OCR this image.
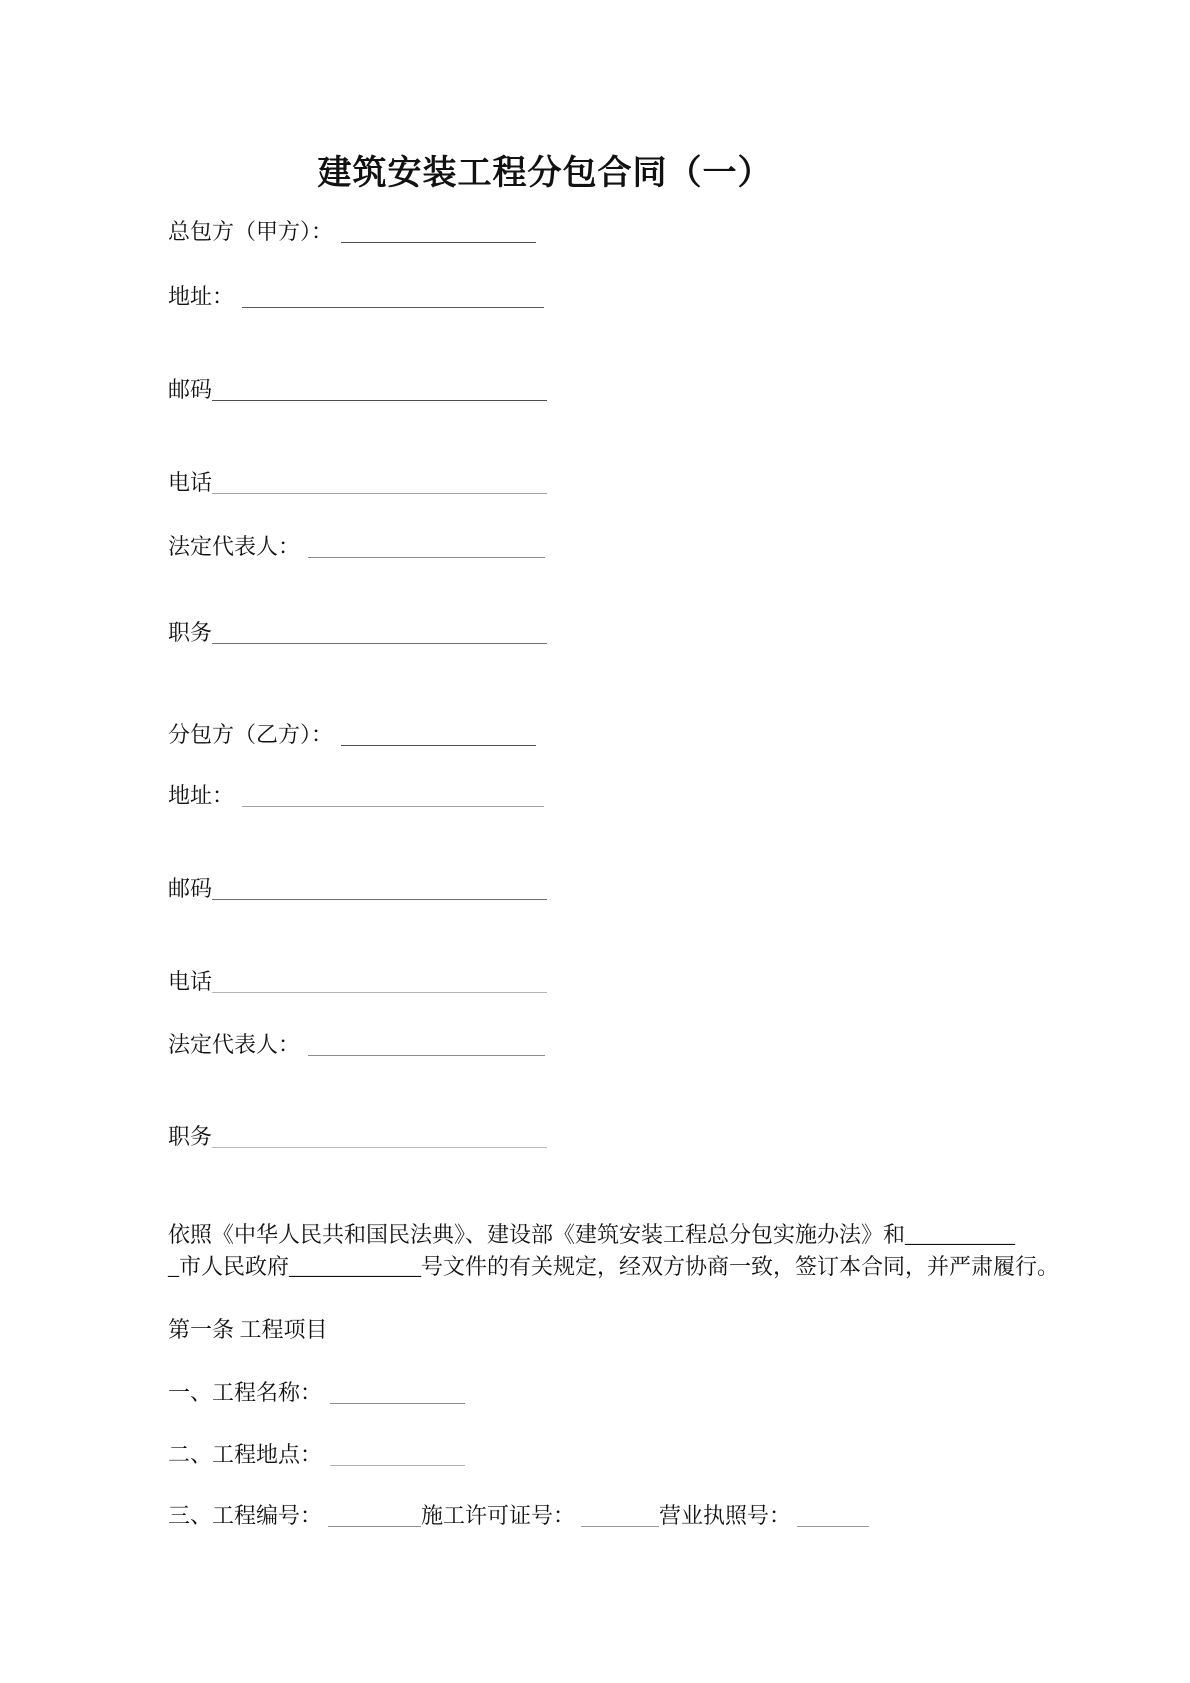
建筑安装工程分包合同（一）
总包方（甲方）：
地址：
邮码
电话
法定代表人：
职务
分包方（乙方）：
地址：
邮码
电话
法定代表人：
职务
依照《中华人民共和国民法典》、建设部《建筑安装工程总分包实施办法》和__________
_市人民政府____________号文件的有关规定，经双方协商一致，签订本合同，并严肃履行。
第一条 工程项目
一、工程名称：
二、工程地点：
三、工程编号：	施工许可证号：	营业执照号：
